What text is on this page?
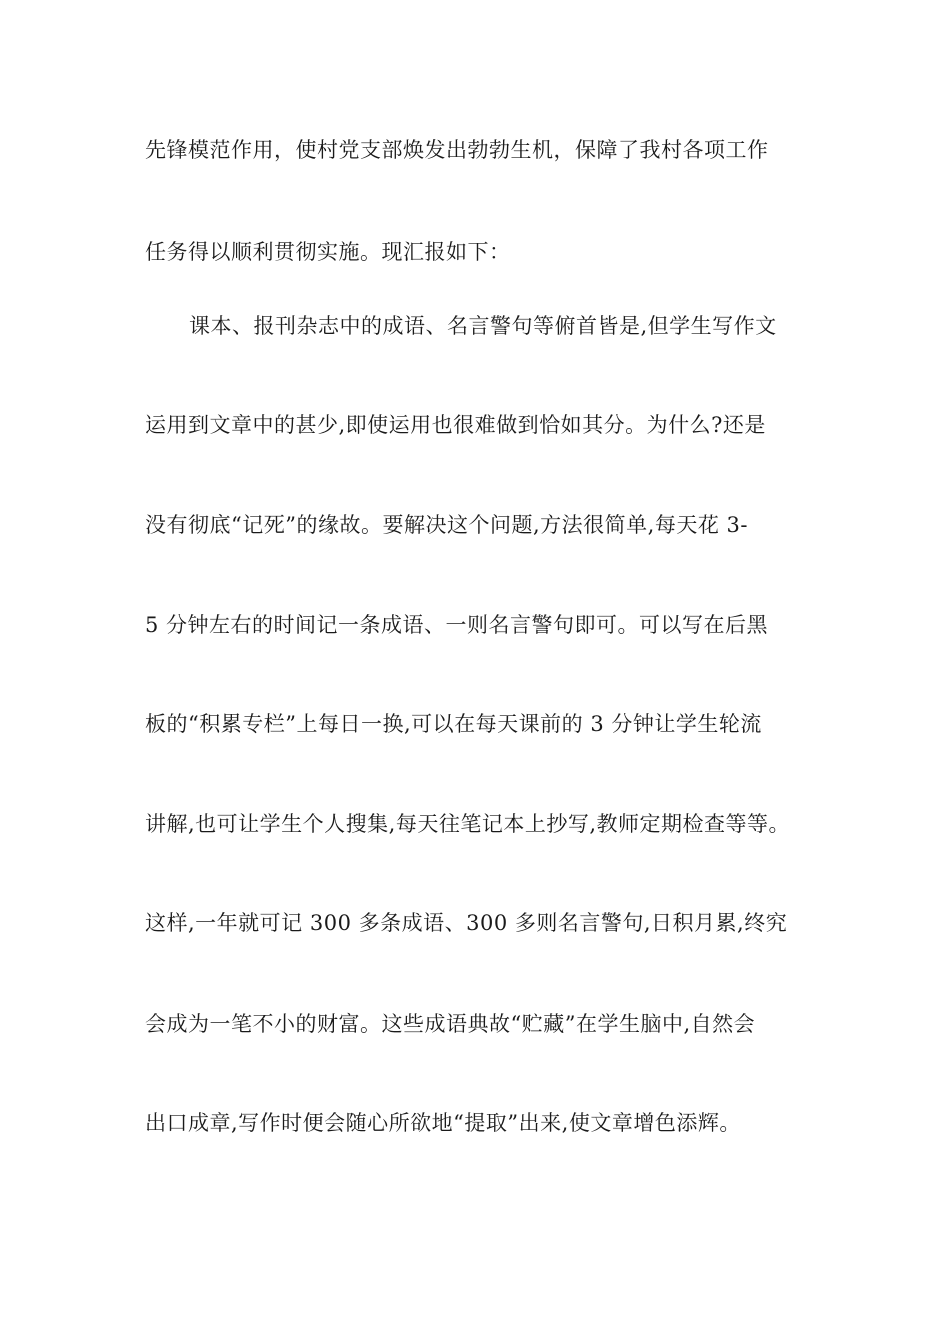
先锋模范作用，使村党支部焕发出勃勃生机，保障了我村各项工作
任务得以顺利贯彻实施。现汇报如下：
课本、报刊杂志中的成语、名言警句等俯首皆是,但学生写作文
运用到文章中的甚少,即使运用也很难做到恰如其分。为什么?还是
没有彻底“记死”的缘故。要解决这个问题,方法很简单,每天花 3-
5 分钟左右的时间记一条成语、一则名言警句即可。可以写在后黑
板的“积累专栏”上每日一换,可以在每天课前的 3 分钟让学生轮流
讲解,也可让学生个人搜集,每天往笔记本上抄写,教师定期检查等等。
这样,一年就可记 300 多条成语、300 多则名言警句,日积月累,终究
会成为一笔不小的财富。这些成语典故“贮藏”在学生脑中,自然会
出口成章,写作时便会随心所欲地“提取”出来,使文章增色添辉。
